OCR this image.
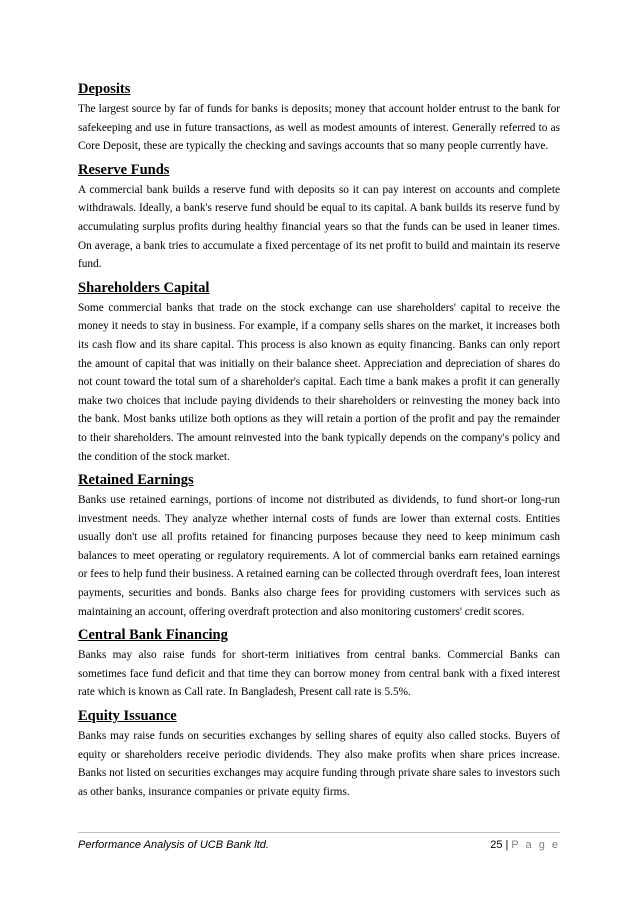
Deposits

The largest source by far of funds for banks is deposits; money that account holder entrust to the bank for safekeeping and use in future transactions, as well as modest amounts of interest. Generally referred to as Core Deposit, these are typically the checking and savings accounts that so many people currently have.

Reserve Funds

A commercial bank builds a reserve fund with deposits so it can pay interest on accounts and complete withdrawals. Ideally, a bank's reserve fund should be equal to its capital. A bank builds its reserve fund by accumulating surplus profits during healthy financial years so that the funds can be used in leaner times. On average, a bank tries to accumulate a fixed percentage of its net profit to build and maintain its reserve fund.

Shareholders Capital

Some commercial banks that trade on the stock exchange can use shareholders' capital to receive the money it needs to stay in business. For example, if a company sells shares on the market, it increases both its cash flow and its share capital. This process is also known as equity financing. Banks can only report the amount of capital that was initially on their balance sheet. Appreciation and depreciation of shares do not count toward the total sum of a shareholder's capital. Each time a bank makes a profit it can generally make two choices that include paying dividends to their shareholders or reinvesting the money back into the bank. Most banks utilize both options as they will retain a portion of the profit and pay the remainder to their shareholders. The amount reinvested into the bank typically depends on the company's policy and the condition of the stock market.

Retained Earnings

Banks use retained earnings, portions of income not distributed as dividends, to fund short-or long-run investment needs. They analyze whether internal costs of funds are lower than external costs. Entities usually don't use all profits retained for financing purposes because they need to keep minimum cash balances to meet operating or regulatory requirements. A lot of commercial banks earn retained earnings or fees to help fund their business. A retained earning can be collected through overdraft fees, loan interest payments, securities and bonds. Banks also charge fees for providing customers with services such as maintaining an account, offering overdraft protection and also monitoring customers' credit scores.

Central Bank Financing

Banks may also raise funds for short-term initiatives from central banks. Commercial Banks can sometimes face fund deficit and that time they can borrow money from central bank with a fixed interest rate which is known as Call rate. In Bangladesh, Present call rate is 5.5%.

Equity Issuance

Banks may raise funds on securities exchanges by selling shares of equity also called stocks. Buyers of equity or shareholders receive periodic dividends. They also make profits when share prices increase. Banks not listed on securities exchanges may acquire funding through private share sales to investors such as other banks, insurance companies or private equity firms.

Performance Analysis of UCB Bank ltd.	25 | P a g e
